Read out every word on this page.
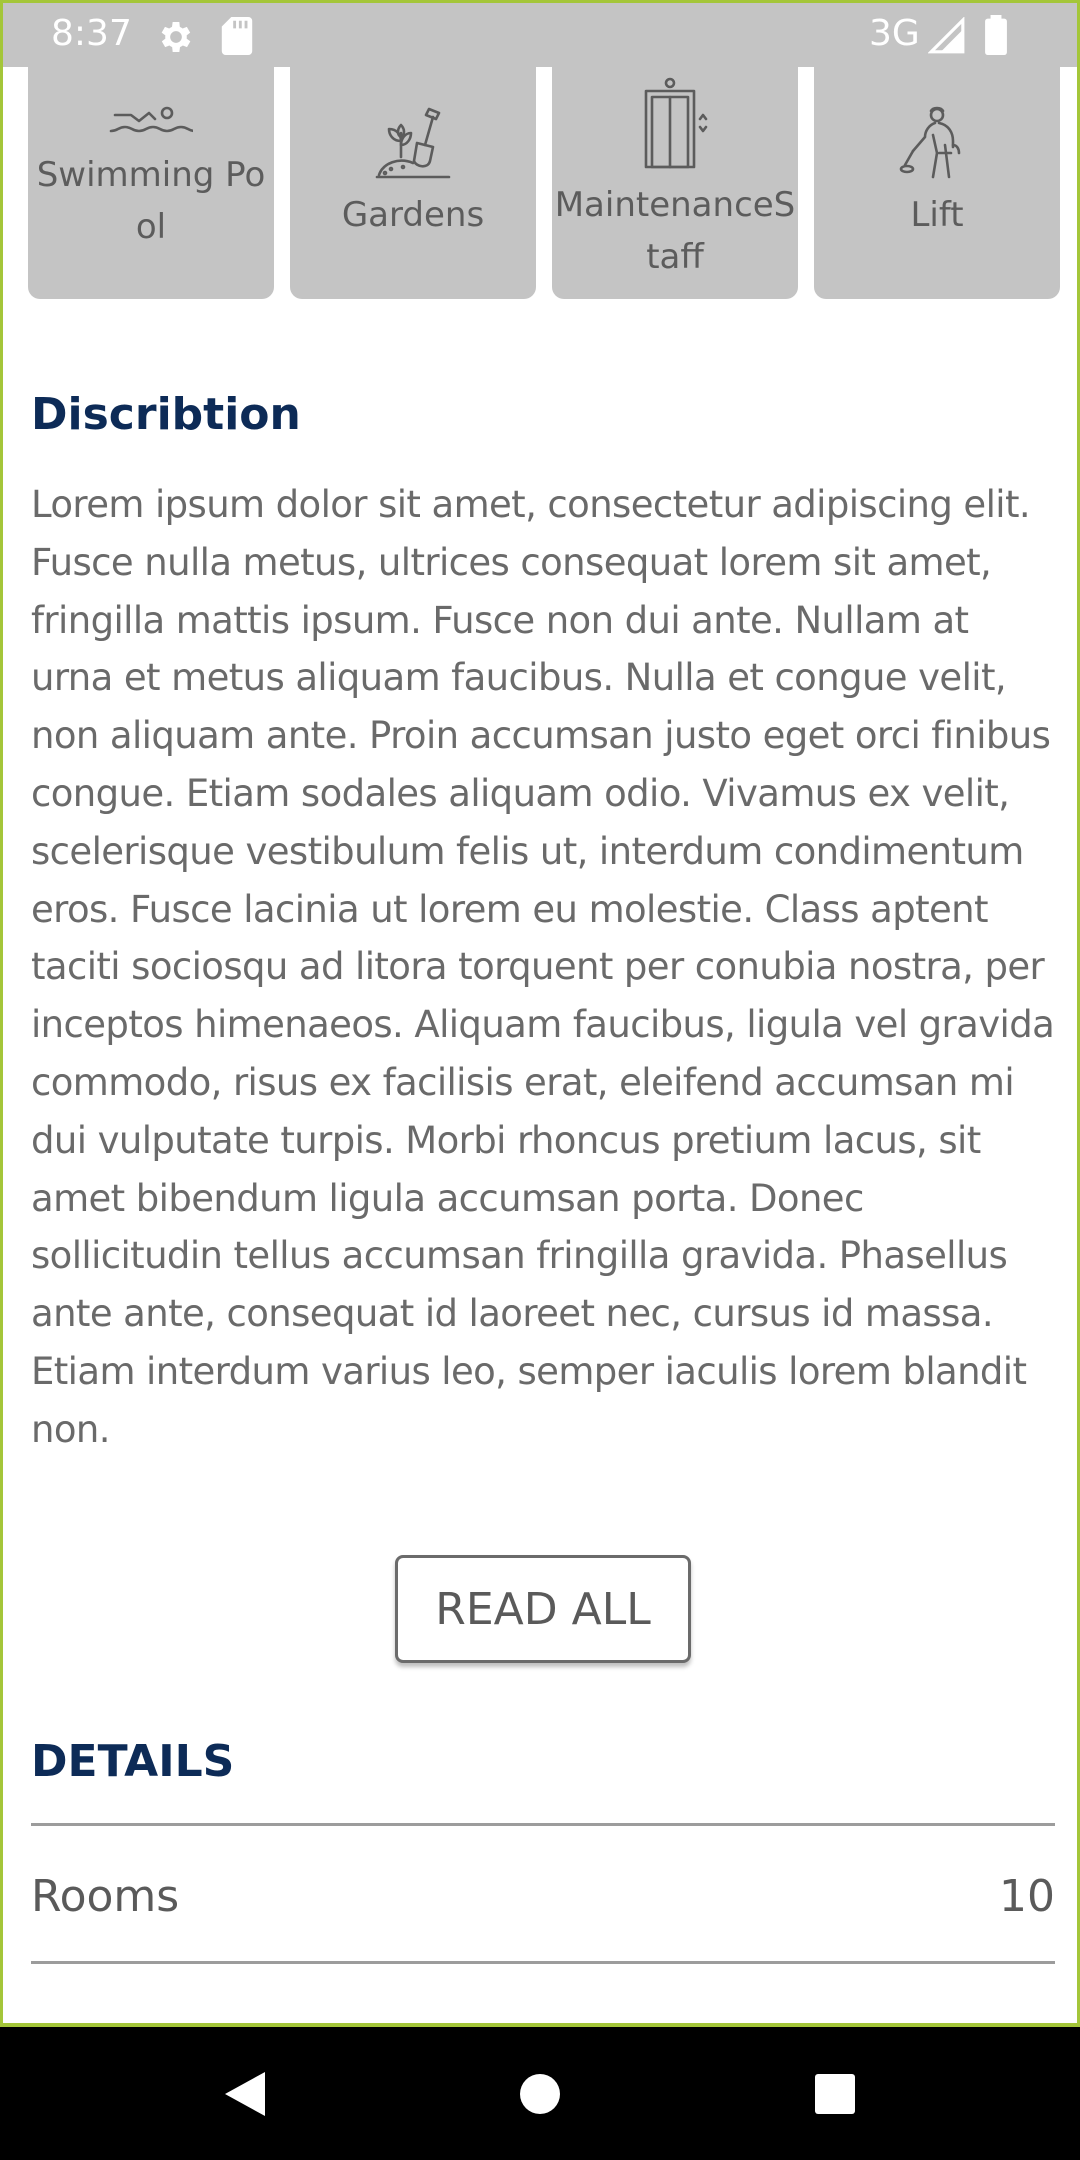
8:37	3G
Swimming Pool	Gardens	MaintenanceStaff
Lift
Discribtion

Lorem ipsum dolor sit amet, consectetur adipiscing elit. Fusce nulla metus, ultrices consequat lorem sit amet, fringilla mattis ipsum. Fusce non dui ante. Nullam at urna et metus aliquam faucibus. Nulla et congue velit, non aliquam ante. Proin accumsan justo eget orci finibus congue. Etiam sodales aliquam odio. Vivamus ex velit, scelerisque vestibulum felis ut, interdum condimentum eros. Fusce lacinia ut lorem eu molestie. Class aptent taciti sociosqu ad litora torquent per conubia nostra, per inceptos himenaeos. Aliquam faucibus, ligula vel gravida commodo, risus ex facilisis erat, eleifend accumsan mi dui vulputate turpis. Morbi rhoncus pretium lacus, sit amet bibendum ligula accumsan porta. Donec sollicitudin tellus accumsan fringilla gravida. Phasellus ante ante, consequat id laoreet nec, cursus id massa. Etiam interdum varius leo, semper iaculis lorem blandit non.

READ ALL
DETAILS
Rooms	10
